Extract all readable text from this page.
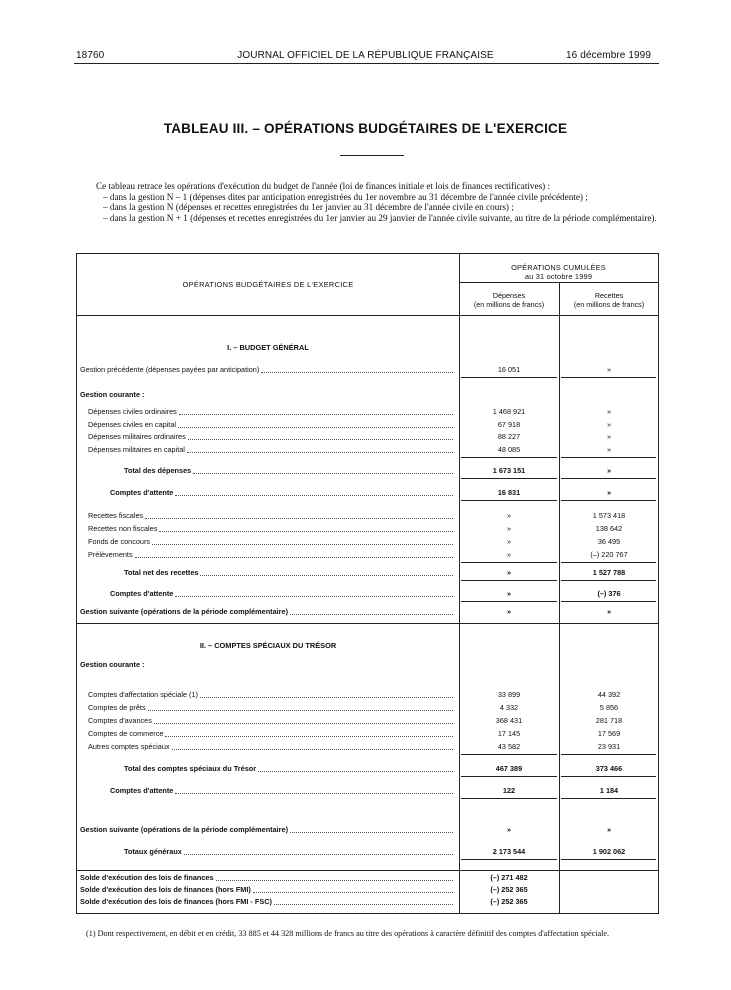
18760	JOURNAL OFFICIEL DE LA RÉPUBLIQUE FRANÇAISE	16 décembre 1999
TABLEAU III. – OPÉRATIONS BUDGÉTAIRES DE L'EXERCICE

Ce tableau retrace les opérations d'exécution du budget de l'année (loi de finances initiale et lois de finances rectificatives) :

– dans la gestion N – 1 (dépenses dites par anticipation enregistrées du 1er novembre au 31 décembre de l'année civile précédente) ;
– dans la gestion N (dépenses et recettes enregistrées du 1er janvier au 31 décembre de l'année civile en cours) ;
– dans la gestion N + 1 (dépenses et recettes enregistrées du 1er janvier au 29 janvier de l'année civile suivante, au titre de la période complémentaire).
OPÉRATIONS BUDGÉTAIRES DE L'EXERCICE
OPÉRATIONS CUMULÉES
au 31 octobre 1999
Dépenses
(en millions de francs)
Recettes
(en millions de francs)
I. – BUDGET GÉNÉRAL
II. – COMPTES SPÉCIAUX DU TRÉSOR
Gestion précédente (dépenses payées par anticipation)	16 051	»
Gestion courante :
Dépenses civiles ordinaires	1 468 921	»
Dépenses civiles en capital	67 918	»
Dépenses militaires ordinaires	88 227	»
Dépenses militaires en capital	48 085	»
Total des dépenses	1 673 151	»
Comptes d'attente	16 831	»
Recettes fiscales	»	1 573 418
Recettes non fiscales	»	138 642
Fonds de concours	»	36 495
Prélèvements	»	(–) 220 767
Total net des recettes	»	1 527 788
Comptes d'attente	»	(–) 376
Gestion suivante (opérations de la période complémentaire)	»	»
Gestion courante :
Comptes d'affectation spéciale (1)	33 899	44 392
Comptes de prêts	4 332	5 856
Comptes d'avances	368 431	281 718
Comptes de commerce	17 145	17 569
Autres comptes spéciaux	43 582	23 931
Total des comptes spéciaux du Trésor	467 389	373 466
Comptes d'attente	122	1 184
Gestion suivante (opérations de la période complémentaire)	»	»
Totaux généraux	2 173 544	1 902 062
Solde d'exécution des lois de finances	(–) 271 482
Solde d'exécution des lois de finances (hors FMI)	(–) 252 365
Solde d'exécution des lois de finances (hors FMI - FSC)	(–) 252 365
(1) Dont respectivement, en débit et en crédit, 33 885 et 44 328 millions de francs au titre des opérations à caractère définitif des comptes d'affectation spéciale.
